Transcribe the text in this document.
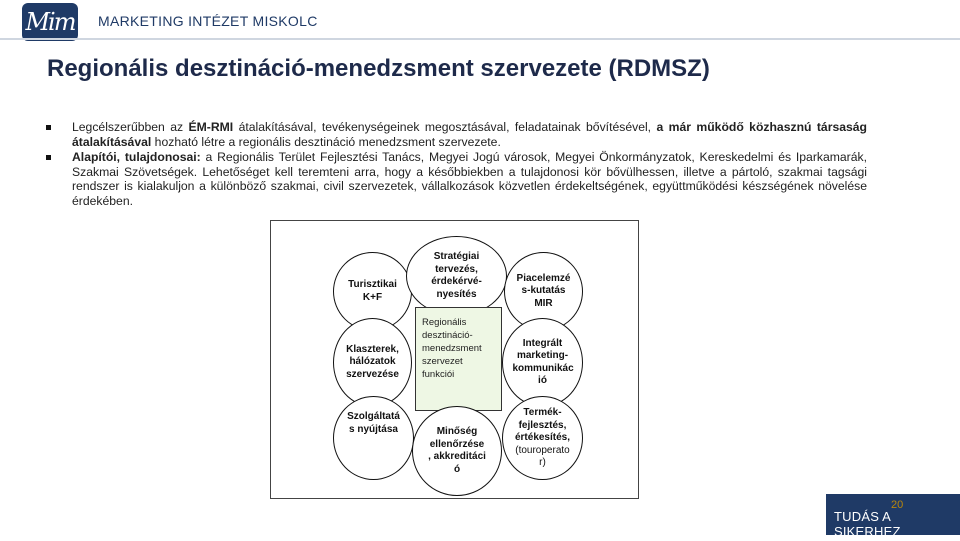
Mim MARKETING INTÉZET MISKOLC
Regionális desztináció-menedzsment szervezete (RDMSZ)
Legcélszerűbben az ÉM-RMI átalakításával, tevékenységeinek megosztásával, feladatainak bővítésével, a már működő közhasznú társaság átalakításával hozható létre a regionális desztináció menedzsment szervezete.
Alapítói, tulajdonosai: a Regionális Terület Fejlesztési Tanács, Megyei Jogú városok, Megyei Önkormányzatok, Kereskedelmi és Iparkamarák, Szakmai Szövetségek. Lehetőséget kell teremteni arra, hogy a későbbiekben a tulajdonosi kör bővülhessen, illetve a pártoló, szakmai tagsági rendszer is kialakuljon a különböző szakmai, civil szervezetek, vállalkozások közvetlen érdekeltségének, együttműködési készségének növelése érdekében.
Turisztikai K+F
Stratégiai tervezés, érdekérvé-nyesítés
Piacelemzé s-kutatás MIR
Klaszterek, hálózatok szervezése
Regionális desztináció-menedzsment szervezet funkciói
Integrált marketing-kommunikác ió
Szolgáltatá s nyújtása	Minőség ellenőrzése , akkreditáci ó
Termék-fejlesztés, értékesítés,
(touroperato r)
TUDÁS A SIKERHEZ
20
